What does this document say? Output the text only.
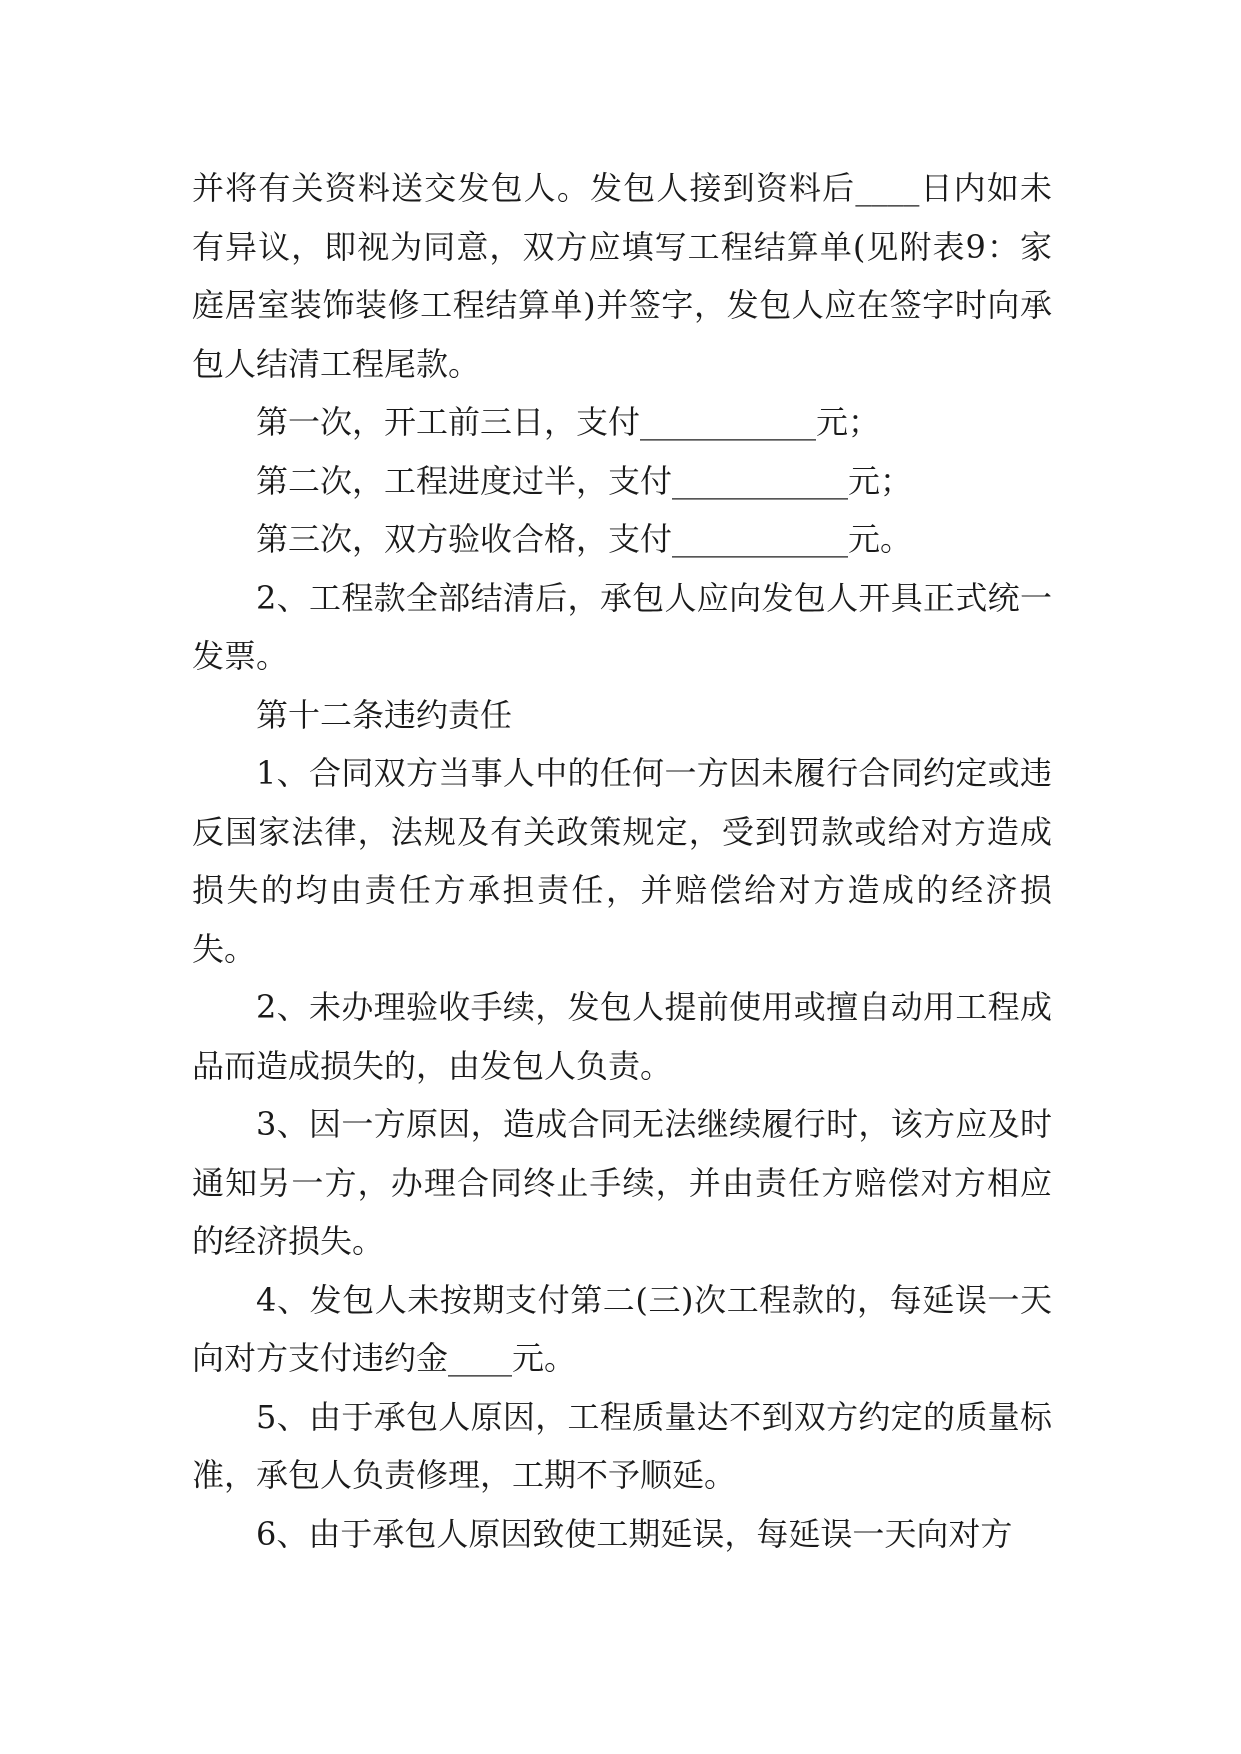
并将有关资料送交发包人。发包人接到资料后____日内如未有异议，即视为同意，双方应填写工程结算单(见附表9：家庭居室装饰装修工程结算单)并签字，发包人应在签字时向承包人结清工程尾款。

第一次，开工前三日，支付___________元；

第二次，工程进度过半，支付___________元；

第三次，双方验收合格，支付___________元。

2、工程款全部结清后，承包人应向发包人开具正式统一发票。

第十二条违约责任

1、合同双方当事人中的任何一方因未履行合同约定或违反国家法律，法规及有关政策规定，受到罚款或给对方造成损失的均由责任方承担责任，并赔偿给对方造成的经济损失。

2、未办理验收手续，发包人提前使用或擅自动用工程成品而造成损失的，由发包人负责。

3、因一方原因，造成合同无法继续履行时，该方应及时通知另一方，办理合同终止手续，并由责任方赔偿对方相应的经济损失。

4、发包人未按期支付第二(三)次工程款的，每延误一天向对方支付违约金____元。

5、由于承包人原因，工程质量达不到双方约定的质量标准，承包人负责修理，工期不予顺延。

6、由于承包人原因致使工期延误，每延误一天向对方
